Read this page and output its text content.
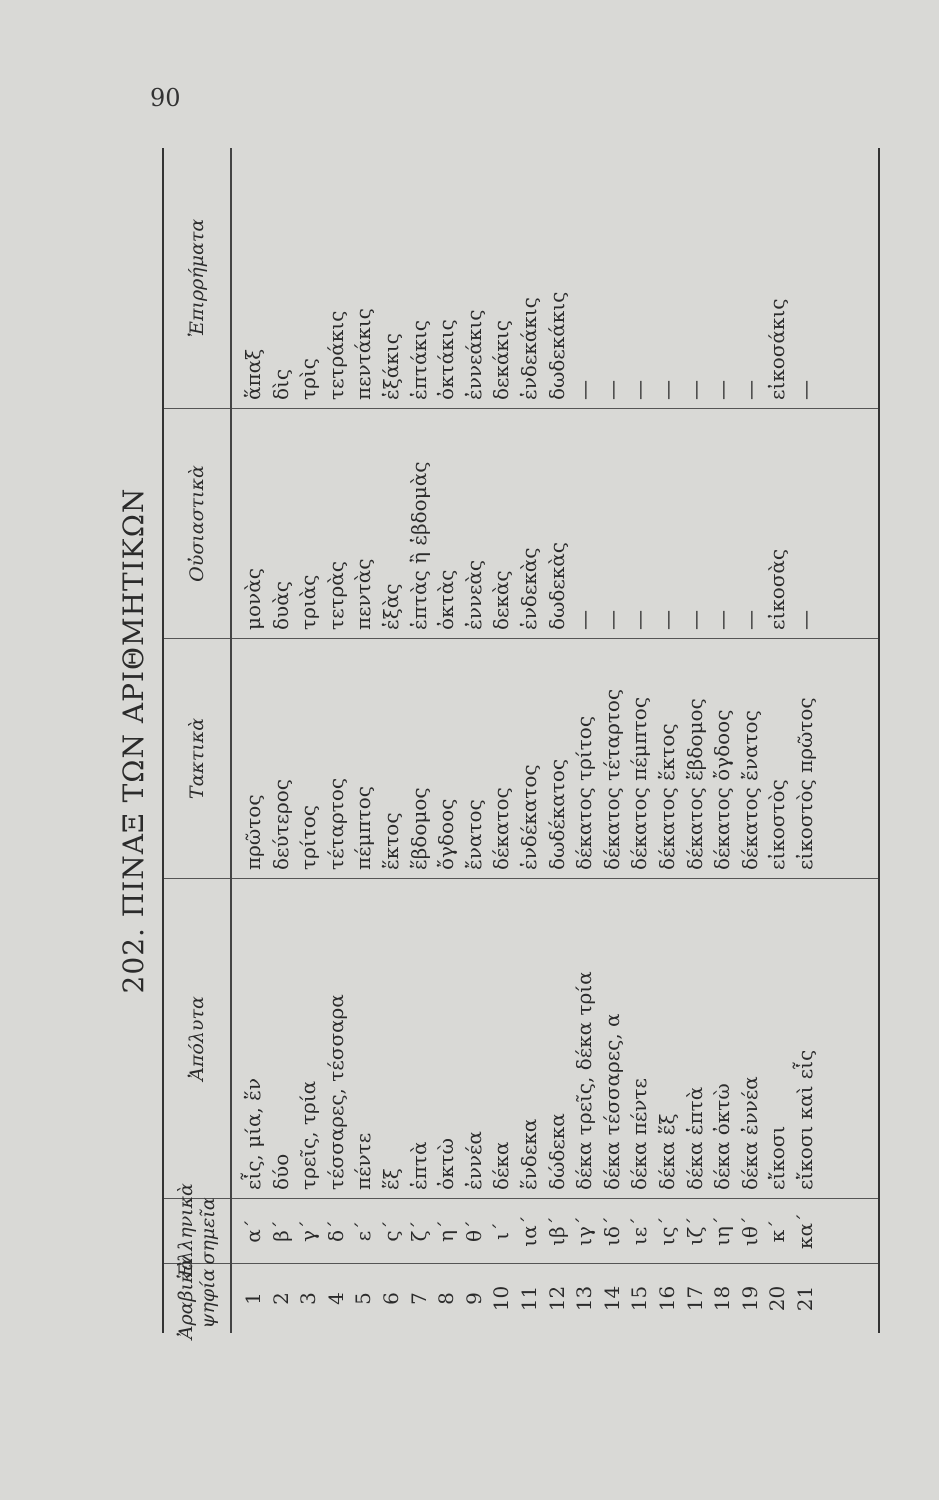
90
202. ΠΙΝΑΞ ΤΩΝ ΑΡΙΘΜΗΤΙΚΩΝ
Ἀραβικὰ ψηφία
Ἑλληνικὰ σημεῖα
Ἀπόλυτα
Τακτικὰ
Οὐσιαστικὰ
Ἐπιρρήματα
1 2 3 4 5 6 7 8 9 10 11 12 13 14 15 16 17 18 19 20 21
α´ β´ γ´ δ´ ε´ ς´ ζ´ η´ θ´ ι´ ια´ ιβ´ ιγ´ ιδ´ ιε´ ις´ ιζ´ ιη´ ιθ´ κ´ κα´
εἷς, μία, ἕν δύο τρεῖς, τρία τέσσαρες, τέσσαρα πέντε ἕξ ἑπτὰ ὀκτὼ ἐννέα δέκα ἕνδεκα δώδεκα δέκα τρεῖς, δέκα τρία δέκα τέσσαρες, α δέκα πέντε δέκα ἕξ δέκα ἑπτὰ δέκα ὀκτὼ δέκα ἐννέα εἴκοσι εἴκοσι καὶ εἷς
πρῶτος δεύτερος τρίτος τέταρτος πέμπτος ἕκτος ἕβδομος ὄγδοος ἔνατος δέκατος ἑνδέκατος δωδέκατος δέκατος τρίτος δέκατος τέταρτος δέκατος πέμπτος δέκατος ἕκτος δέκατος ἕβδομος δέκατος ὄγδοος δέκατος ἔνατος εἰκοστὸς εἰκοστὸς πρῶτος
μονὰς δυὰς τριὰς τετρὰς πεντὰς ἑξὰς ἑπτὰς ἢ ἑβδομὰς ὀκτὰς ἐννεὰς δεκὰς ἑνδεκὰς δωδεκὰς — — — — — — — εἰκοσὰς —
ἅπαξ δὶς τρὶς τετράκις πεντάκις ἑξάκις ἑπτάκις ὀκτάκις ἐννεάκις δεκάκις ἑνδεκάκις δωδεκάκις — — — — — — — εἰκοσάκις —
